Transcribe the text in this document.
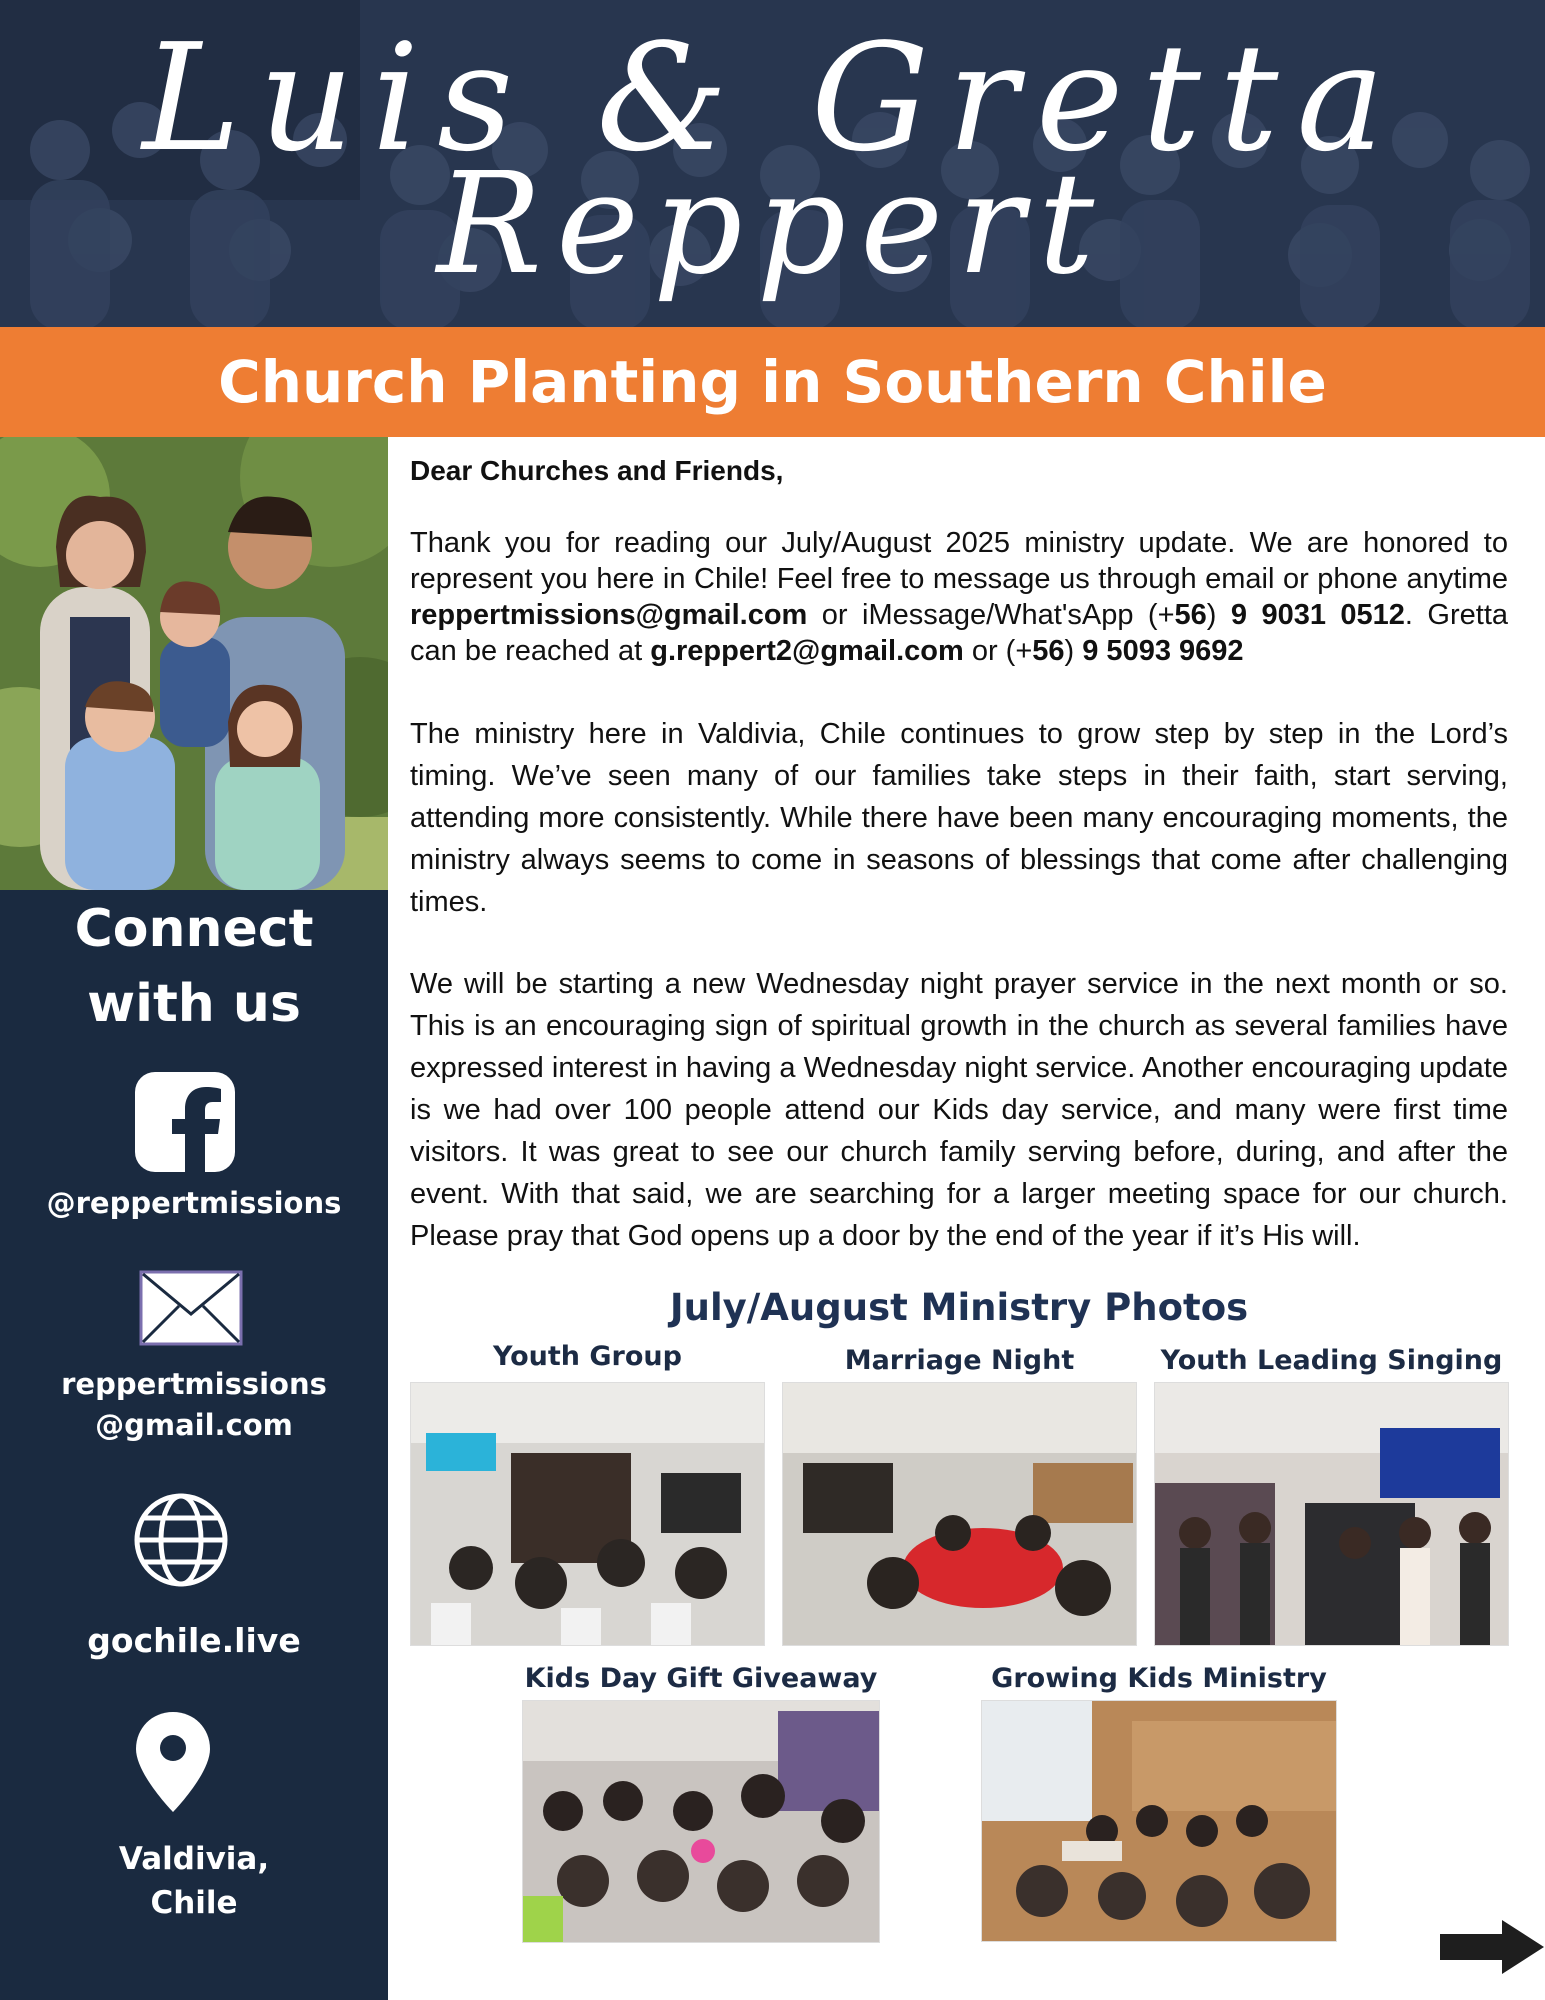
Luis & Gretta
Reppert
Church Planting in Southern Chile
Connect
with us
@reppertmissions
reppertmissions
@gmail.com
gochile.live
Valdivia,
Chile
Dear Churches and Friends,
Thank you for reading our July/August 2025 ministry update. We are honored to represent you here in Chile! Feel free to message us through email or phone anytime reppertmissions@gmail.com or iMessage/What'sApp (+56) 9 9031 0512. Gretta can be reached at g.reppert2@gmail.com or (+56) 9 5093 9692
The ministry here in Valdivia, Chile continues to grow step by step in the Lord’s timing. We’ve seen many of our families take steps in their faith, start serving, attending more consistently. While there have been many encouraging moments, the ministry always seems to come in seasons of blessings that come after challenging times.
We will be starting a new Wednesday night prayer service in the next month or so. This is an encouraging sign of spiritual growth in the church as several families have expressed interest in having a Wednesday night service. Another encouraging update is we had over 100 people attend our Kids day service, and many were first time visitors. It was great to see our church family serving before, during, and after the event. With that said, we are searching for a larger meeting space for our church. Please pray that God opens up a door by the end of the year if it’s His will.
July/August Ministry Photos
Youth Group	Marriage Night	Youth Leading Singing
Kids Day Gift Giveaway	Growing Kids Ministry
